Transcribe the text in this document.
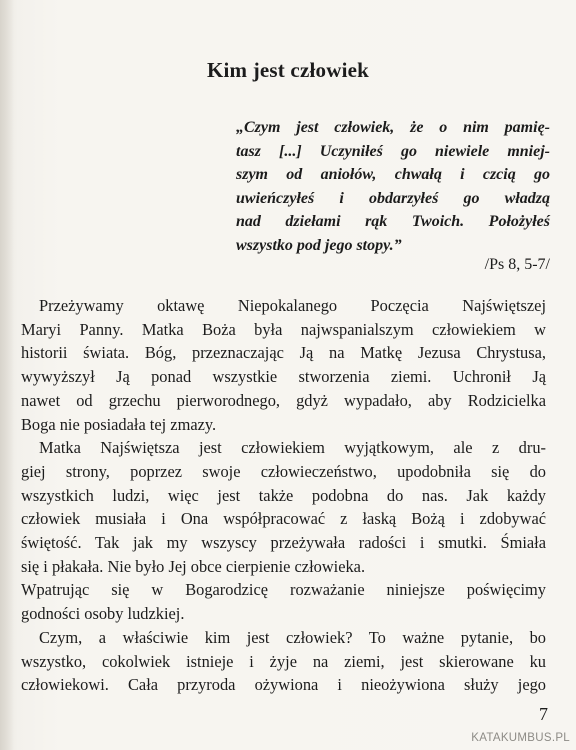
Kim jest człowiek
„Czym jest człowiek, że o nim pamię-
tasz [...] Uczyniłeś go niewiele mniej-
szym od aniołów, chwałą i czcią go
uwieńczyłeś i obdarzyłeś go władzą
nad dziełami rąk Twoich. Położyłeś
wszystko pod jego stopy.”
/Ps 8, 5-7/
Przeżywamy oktawę Niepokalanego Poczęcia Najświętszej
Maryi Panny. Matka Boża była najwspanialszym człowiekiem w
historii świata. Bóg, przeznaczając Ją na Matkę Jezusa Chrystusa,
wywyższył Ją ponad wszystkie stworzenia ziemi. Uchronił Ją
nawet od grzechu pierworodnego, gdyż wypadało, aby Rodzicielka
Boga nie posiadała tej zmazy.
Matka Najświętsza jest człowiekiem wyjątkowym, ale z dru-
giej strony, poprzez swoje człowieczeństwo, upodobniła się do
wszystkich ludzi, więc jest także podobna do nas. Jak każdy
człowiek musiała i Ona współpracować z łaską Bożą i zdobywać
świętość. Tak jak my wszyscy przeżywała radości i smutki. Śmiała
się i płakała. Nie było Jej obce cierpienie człowieka.
Wpatrując się w Bogarodzicę rozważanie niniejsze poświęcimy
godności osoby ludzkiej.
Czym, a właściwie kim jest człowiek? To ważne pytanie, bo
wszystko, cokolwiek istnieje i żyje na ziemi, jest skierowane ku
człowiekowi. Cała przyroda ożywiona i nieożywiona służy jego
7
KATAKUMBUS.PL
